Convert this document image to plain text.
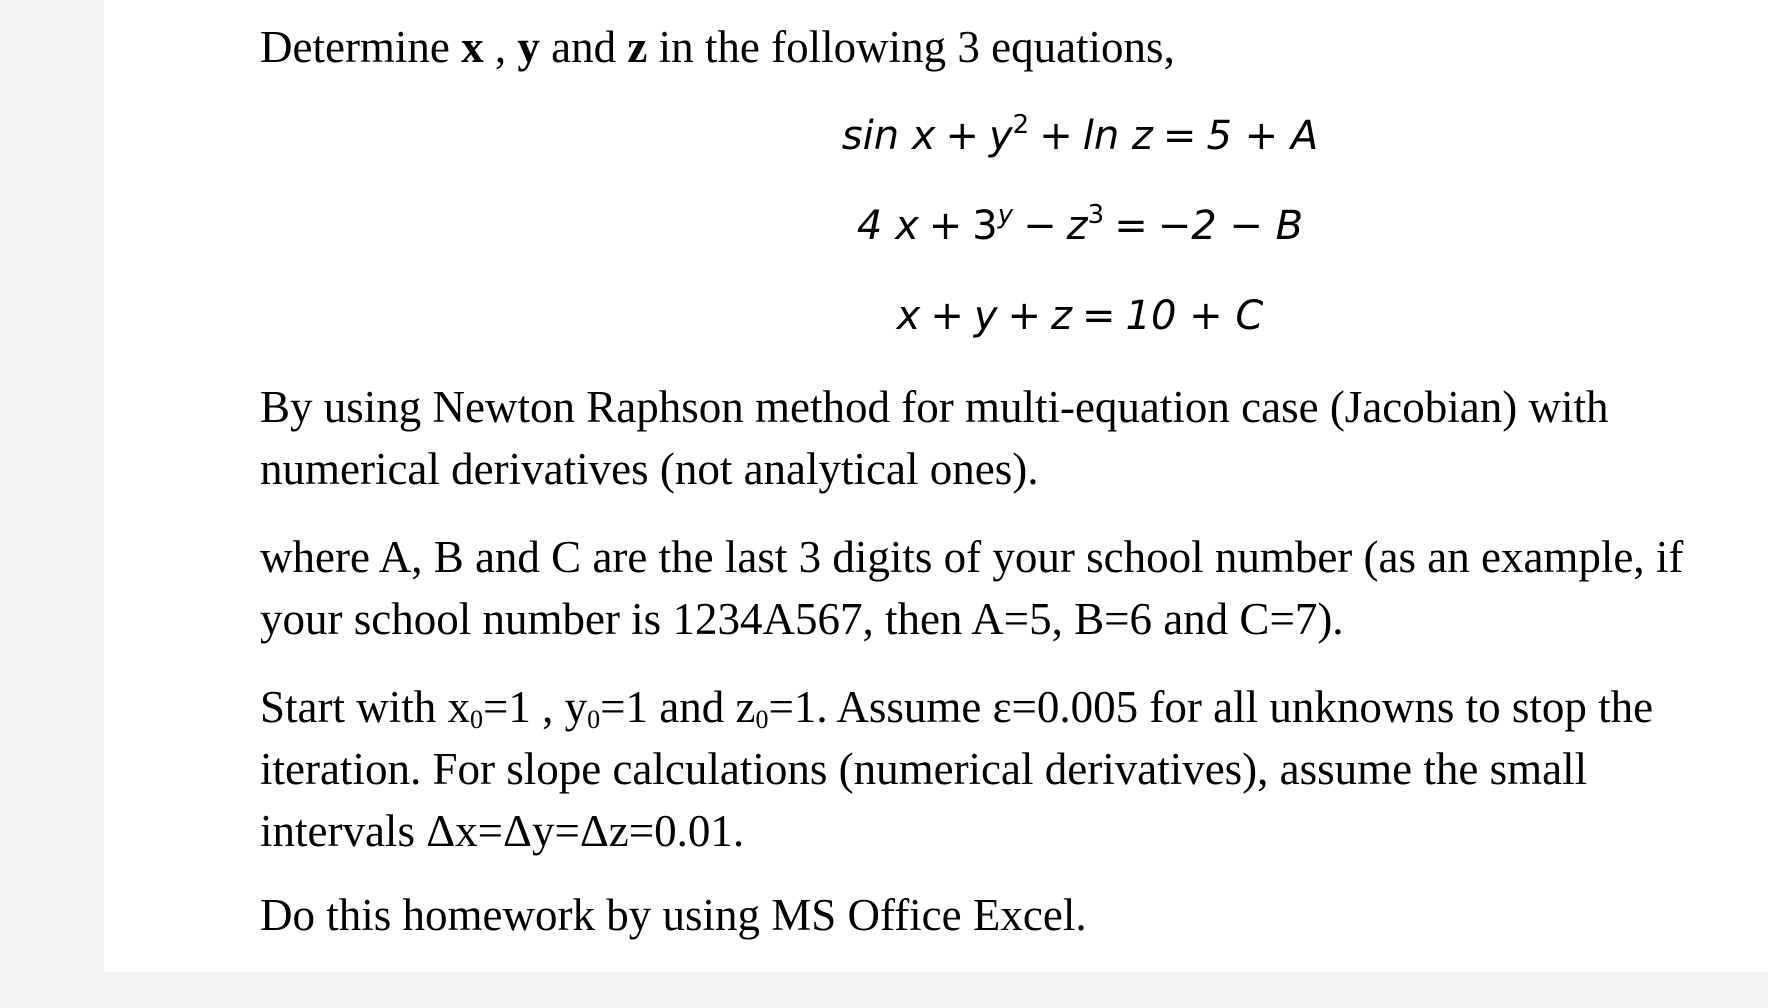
Determine x , y and z in the following 3 equations,

$\sin x + y^2 + \ln z = 5 + A$

4 $x + 3^y - z^3 = -2 - B$

x + y + z = 10 + C

By using Newton Raphson method for multi-equation case (Jacobian) with
numerical derivatives (not analytical ones).

where A, B and C are the last 3 digits of your school number (as an example, if
your school number is 1234A567, then A=5, B=6 and C=7).

Start with $x_0=1$ , $y_0=1$ and $z_0=1$. Assume ε=0.005 for all unknowns to stop the
iteration. For slope calculations (numerical derivatives), assume the small
intervals Δx=Δy=Δz=0.01.

Do this homework by using MS Office Excel.
